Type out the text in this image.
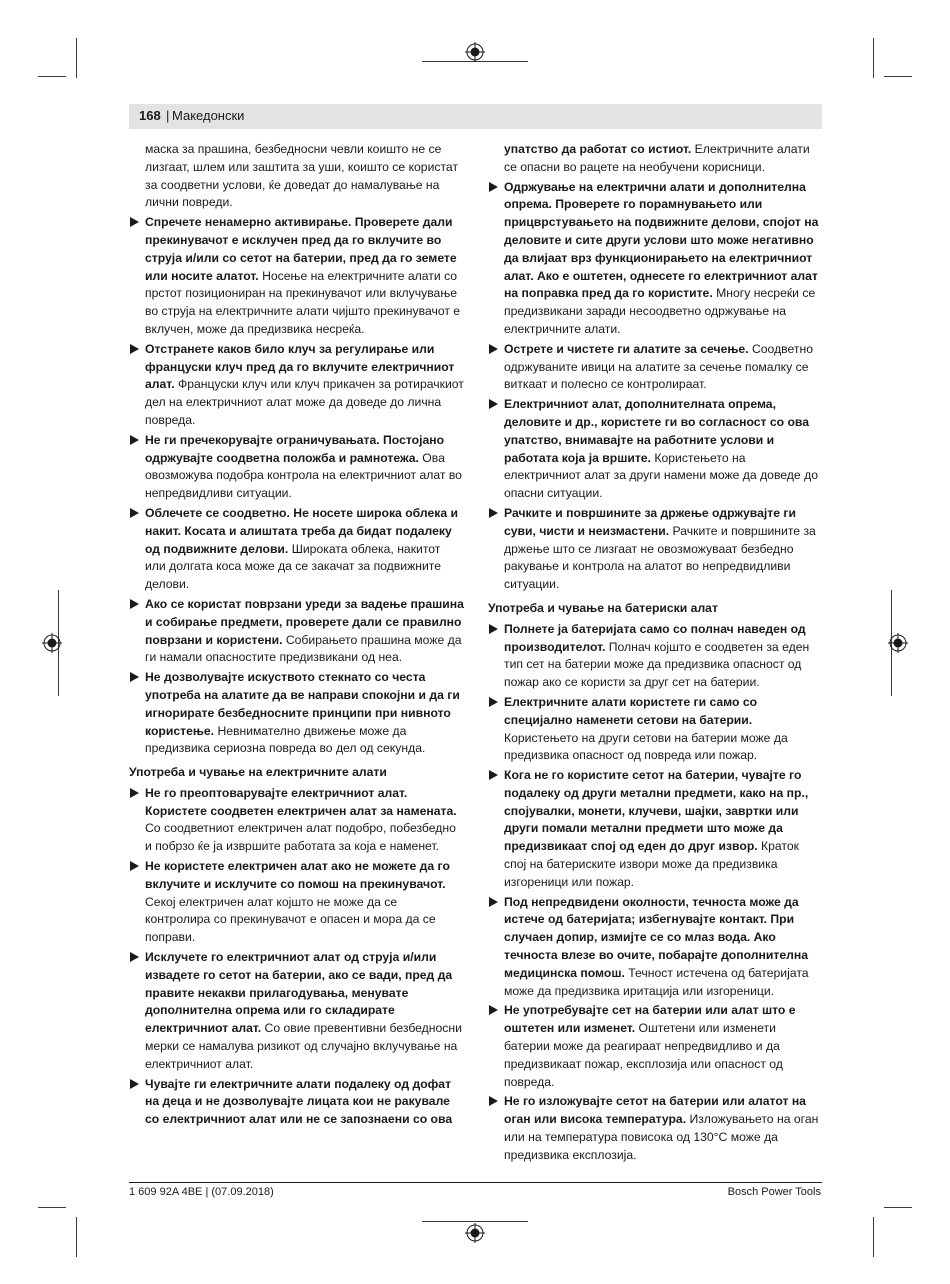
168 | Македонски

маска за прашина, безбедносни чевли коишто не се лизгаат, шлем или заштита за уши, коишто се користат за соодветни услови, ќе доведат до намалување на лични повреди.

Спречете ненамерно активирање. Проверете дали прекинувачот е исклучен пред да го вклучите во струја и/или со сетот на батерии, пред да го земете или носите алатот. Носење на електричните алати со прстот позициониран на прекинувачот или вклучување во струја на електричните алати чијшто прекинувачот е вклучен, може да предизвика несреќа.
Отстранете каков било клуч за регулирање или француски клуч пред да го вклучите електричниот алат. Француски клуч или клуч прикачен за ротирачкиот дел на електричниот алат може да доведе до лична повреда.
Не ги пречекорувајте ограничувањата. Постојано одржувајте соодветна положба и рамнотежа. Ова овозможува подобра контрола на електричниот алат во непредвидливи ситуации.
Облечете се соодветно. Не носете широка облека и накит. Косата и алиштата треба да бидат подалеку од подвижните делови. Широката облека, накитот или долгата коса може да се закачат за подвижните делови.
Ако се користат поврзани уреди за вадење прашина и собирање предмети, проверете дали се правилно поврзани и користени. Собирањето прашина може да ги намали опасностите предизвикани од неа.
Не дозволувајте искуството стекнато со честа употреба на алатите да ве направи спокојни и да ги игнорирате безбедносните принципи при нивното користење. Невнимателно движење може да предизвика сериозна повреда во дел од секунда.
Употреба и чување на електричните алати
Не го преоптоварувајте електричниот алат. Користете соодветен електричен алат за намената. Со соодветниот електричен алат подобро, побезбедно и побрзо ќе ја извршите работата за која е наменет.
Не користете електричен алат ако не можете да го вклучите и исклучите со помош на прекинувачот. Секој електричен алат којшто не може да се контролира со прекинувачот е опасен и мора да се поправи.
Исклучете го електричниот алат од струја и/или извадете го сетот на батерии, ако се вади, пред да правите некакви прилагодувања, менувате дополнителна опрема или го складирате електричниот алат. Со овие превентивни безбедносни мерки се намалува ризикот од случајно вклучување на електричниот алат.
Чувајте ги електричните алати подалеку од дофат на деца и не дозволувајте лицата кои не ракувале со електричниот алат или не се запознаени со ова

упатство да работат со истиот. Електричните алати се опасни во рацете на необучени корисници.

Одржување на електрични алати и дополнителна опрема. Проверете го порамнувањето или прицврстувањето на подвижните делови, спојот на деловите и сите други услови што може негативно да влијаат врз функционирањето на електричниот алат. Ако е оштетен, однесете го електричниот алат на поправка пред да го користите. Многу несреќи се предизвикани заради несоодветно одржување на електричните алати.
Острете и чистете ги алатите за сечење. Соодветно одржуваните ивици на алатите за сечење помалку се виткаат и полесно се контролираат.
Електричниот алат, дополнителната опрема, деловите и др., користете ги во согласност со ова упатство, внимавајте на работните услови и работата која ја вршите. Користењето на електричниот алат за други намени може да доведе до опасни ситуации.
Рачките и површините за држење одржувајте ги суви, чисти и неизмастени. Рачките и површините за држење што се лизгаат не овозможуваат безбедно ракување и контрола на алатот во непредвидливи ситуации.
Употреба и чување на батериски алат
Полнете ја батеријата само со полнач наведен од производителот. Полнач којшто е соодветен за еден тип сет на батерии може да предизвика опасност од пожар ако се користи за друг сет на батерии.
Електричните алати користете ги само со специјално наменети сетови на батерии. Користењето на други сетови на батерии може да предизвика опасност од повреда или пожар.
Кога не го користите сетот на батерии, чувајте го подалеку од други метални предмети, како на пр., спојувалки, монети, клучеви, шајки, завртки или други помали метални предмети што може да предизвикаат спој од еден до друг извор. Краток спој на батериските извори може да предизвика изгореници или пожар.
Под непредвидени околности, течноста може да истече од батеријата; избегнувајте контакт. При случаен допир, измијте се со млаз вода. Ако течноста влезе во очите, побарајте дополнителна медицинска помош. Течност истечена од батеријата може да предизвика иритација или изгореници.
Не употребувајте сет на батерии или алат што е оштетен или изменет. Оштетени или изменети батерии може да реагираат непредвидливо и да предизвикаат пожар, експлозија или опасност од повреда.
Не го изложувајте сетот на батерии или алатот на оган или висока температура. Изложувањето на оган или на температура повисока од 130°C може да предизвика експлозија.
1 609 92A 4BE | (07.09.2018)	Bosch Power Tools
